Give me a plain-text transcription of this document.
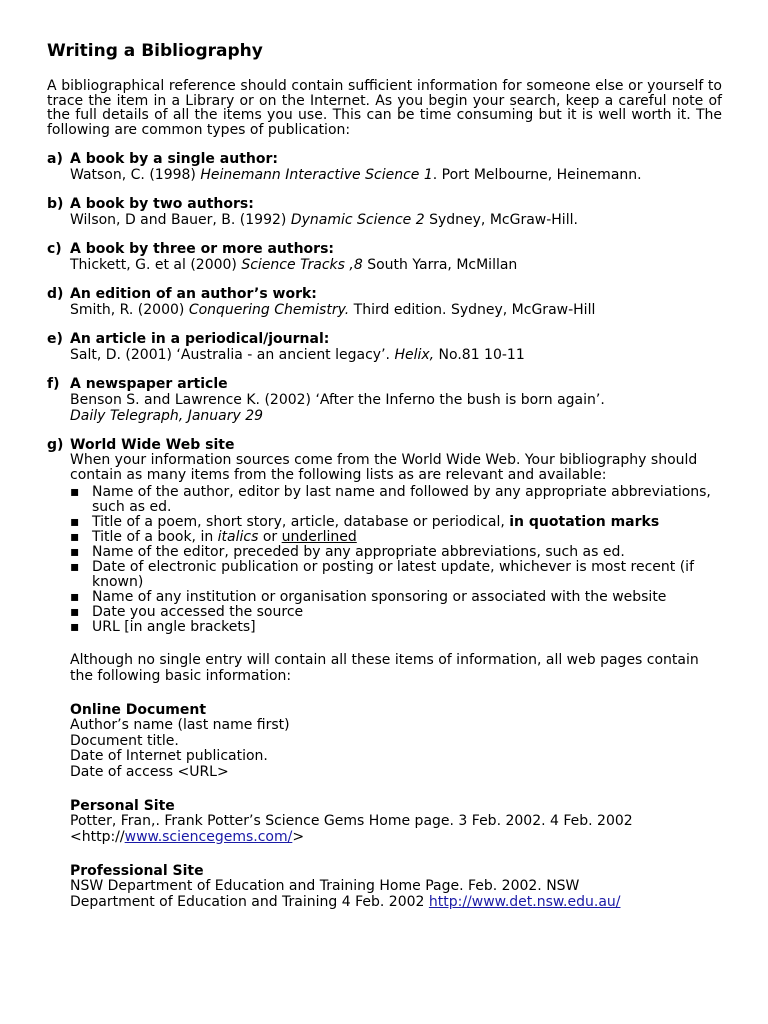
Writing a Bibliography

A bibliographical reference should contain sufficient information for someone else or yourself to trace the item in a Library or on the Internet. As you begin your search, keep a careful note of the full details of all the items you use. This can be time consuming but it is well worth it. The following are common types of publication:

a) A book by a single author:
Watson, C. (1998) Heinemann Interactive Science 1. Port Melbourne, Heinemann.
b) A book by two authors:
Wilson, D and Bauer, B. (1992) Dynamic Science 2 Sydney, McGraw-Hill.
c) A book by three or more authors:
Thickett, G. et al (2000) Science Tracks ,8 South Yarra, McMillan
d) An edition of an author’s work:
Smith, R. (2000) Conquering Chemistry. Third edition. Sydney, McGraw-Hill
e) An article in a periodical/journal:
Salt, D. (2001) ‘Australia - an ancient legacy’. Helix, No.81 10-11
f) A newspaper article
Benson S. and Lawrence K. (2002) ‘After the Inferno the bush is born again’.
Daily Telegraph, January 29
g) World Wide Web site

When your information sources come from the World Wide Web. Your bibliography should contain as many items from the following lists as are relevant and available:

▪ Name of the author, editor by last name and followed by any appropriate abbreviations, such as ed.
▪ Title of a poem, short story, article, database or periodical, in quotation marks
▪ Title of a book, in italics or underlined
▪ Name of the editor, preceded by any appropriate abbreviations, such as ed.
▪ Date of electronic publication or posting or latest update, whichever is most recent (if known)
▪ Name of any institution or organisation sponsoring or associated with the website
▪ Date you accessed the source
▪ URL [in angle brackets]

Although no single entry will contain all these items of information, all web pages contain the following basic information:

Online Document
Author’s name (last name first)
Document title.
Date of Internet publication.
Date of access <URL>
Personal Site
Potter, Fran,. Frank Potter’s Science Gems Home page. 3 Feb. 2002. 4 Feb. 2002
<http://www.sciencegems.com/>
Professional Site
NSW Department of Education and Training Home Page. Feb. 2002. NSW
Department of Education and Training 4 Feb. 2002 http://www.det.nsw.edu.au/
